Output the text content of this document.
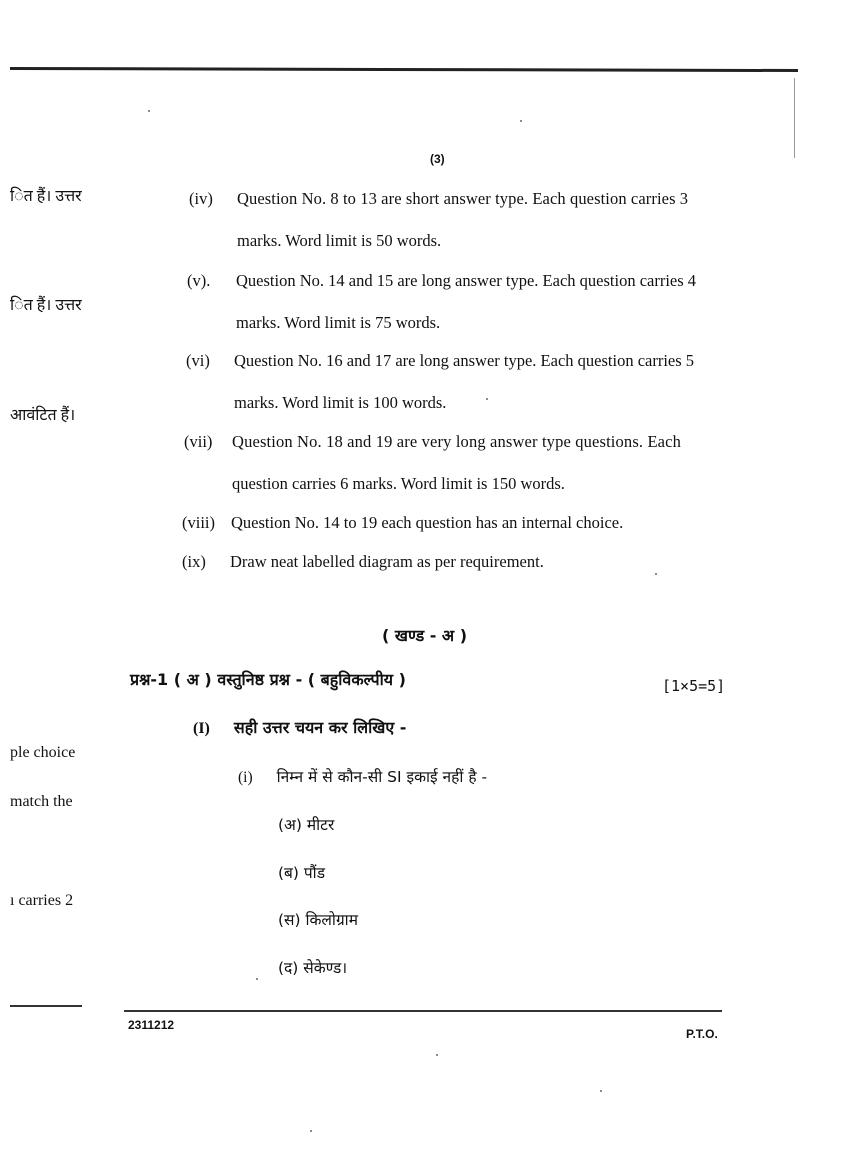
(3)
ित हैं। उत्तर
ित हैं। उत्तर
आवंटित हैं।
ple choice
match the
ı carries 2
(iv) Question No. 8 to 13 are short answer type. Each question carries 3
marks. Word limit is 50 words.
(v). Question No. 14 and 15 are long answer type. Each question carries 4
marks. Word limit is 75 words.
(vi) Question No. 16 and 17 are long answer type. Each question carries 5
marks. Word limit is 100 words.
(vii) Question No. 18 and 19 are very long answer type questions. Each
question carries 6 marks. Word limit is 150 words.
(viii) Question No. 14 to 19 each question has an internal choice.
(ix) Draw neat labelled diagram as per requirement.
( खण्ड - अ )
प्रश्न-1 ( अ ) वस्तुनिष्ठ प्रश्न - ( बहुविकल्पीय )	[1×5=5]
(I) सही उत्तर चयन कर लिखिए -
(i) निम्न में से कौन-सी SI इकाई नहीं है -
(अ) मीटर
(ब) पौंड
(स) किलोग्राम
(द) सेकेण्ड।
2311212
P.T.O.
